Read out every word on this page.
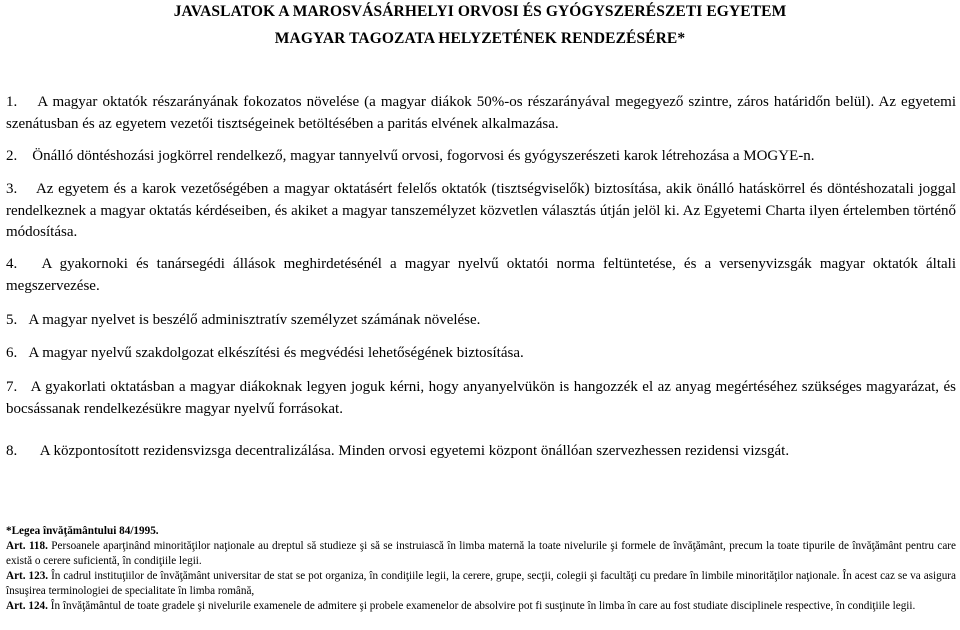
JAVASLATOK A MAROSVÁSÁRHELYI ORVOSI ÉS GYÓGYSZERÉSZETI EGYETEM
MAGYAR TAGOZATA HELYZETÉNEK RENDEZÉSÉRE*

1. A magyar oktatók részarányának fokozatos növelése (a magyar diákok 50%-os részarányával megegyező szintre, záros határidőn belül). Az egyetemi szenátusban és az egyetem vezetői tisztségeinek betöltésében a paritás elvének alkalmazása.

2. Önálló döntéshozási jogkörrel rendelkező, magyar tannyelvű orvosi, fogorvosi és gyógyszerészeti karok létrehozása a MOGYE-n.

3. Az egyetem és a karok vezetőségében a magyar oktatásért felelős oktatók (tisztségviselők) biztosítása, akik önálló hatáskörrel és döntéshozatali joggal rendelkeznek a magyar oktatás kérdéseiben, és akiket a magyar tanszemélyzet közvetlen választás útján jelöl ki. Az Egyetemi Charta ilyen értelemben történő módosítása.

4. A gyakornoki és tanársegédi állások meghirdetésénél a magyar nyelvű oktatói norma feltüntetése, és a versenyvizsgák magyar oktatók általi megszervezése.

5. A magyar nyelvet is beszélő adminisztratív személyzet számának növelése.

6. A magyar nyelvű szakdolgozat elkészítési és megvédési lehetőségének biztosítása.

7. A gyakorlati oktatásban a magyar diákoknak legyen joguk kérni, hogy anyanyelvükön is hangozzék el az anyag megértéséhez szükséges magyarázat, és bocsássanak rendelkezésükre magyar nyelvű forrásokat.

8. A központosított rezidensvizsga decentralizálása. Minden orvosi egyetemi központ önállóan szervezhessen rezidensi vizsgát.

*Legea învăţământului 84/1995.

Art. 118. Persoanele aparţinând minorităţilor naţionale au dreptul să studieze şi să se instruiască în limba maternă la toate nivelurile şi formele de învăţământ, precum la toate tipurile de învăţământ pentru care există o cerere suficientă, în condiţiile legii.

Art. 123. În cadrul instituţiilor de învăţământ universitar de stat se pot organiza, în condiţiile legii, la cerere, grupe, secţii, colegii şi facultăţi cu predare în limbile minorităţilor naţionale. În acest caz se va asigura însuşirea terminologiei de specialitate în limba română,

Art. 124. În învăţământul de toate gradele şi nivelurile examenele de admitere şi probele examenelor de absolvire pot fi susţinute în limba în care au fost studiate disciplinele respective, în condiţiile legii.
